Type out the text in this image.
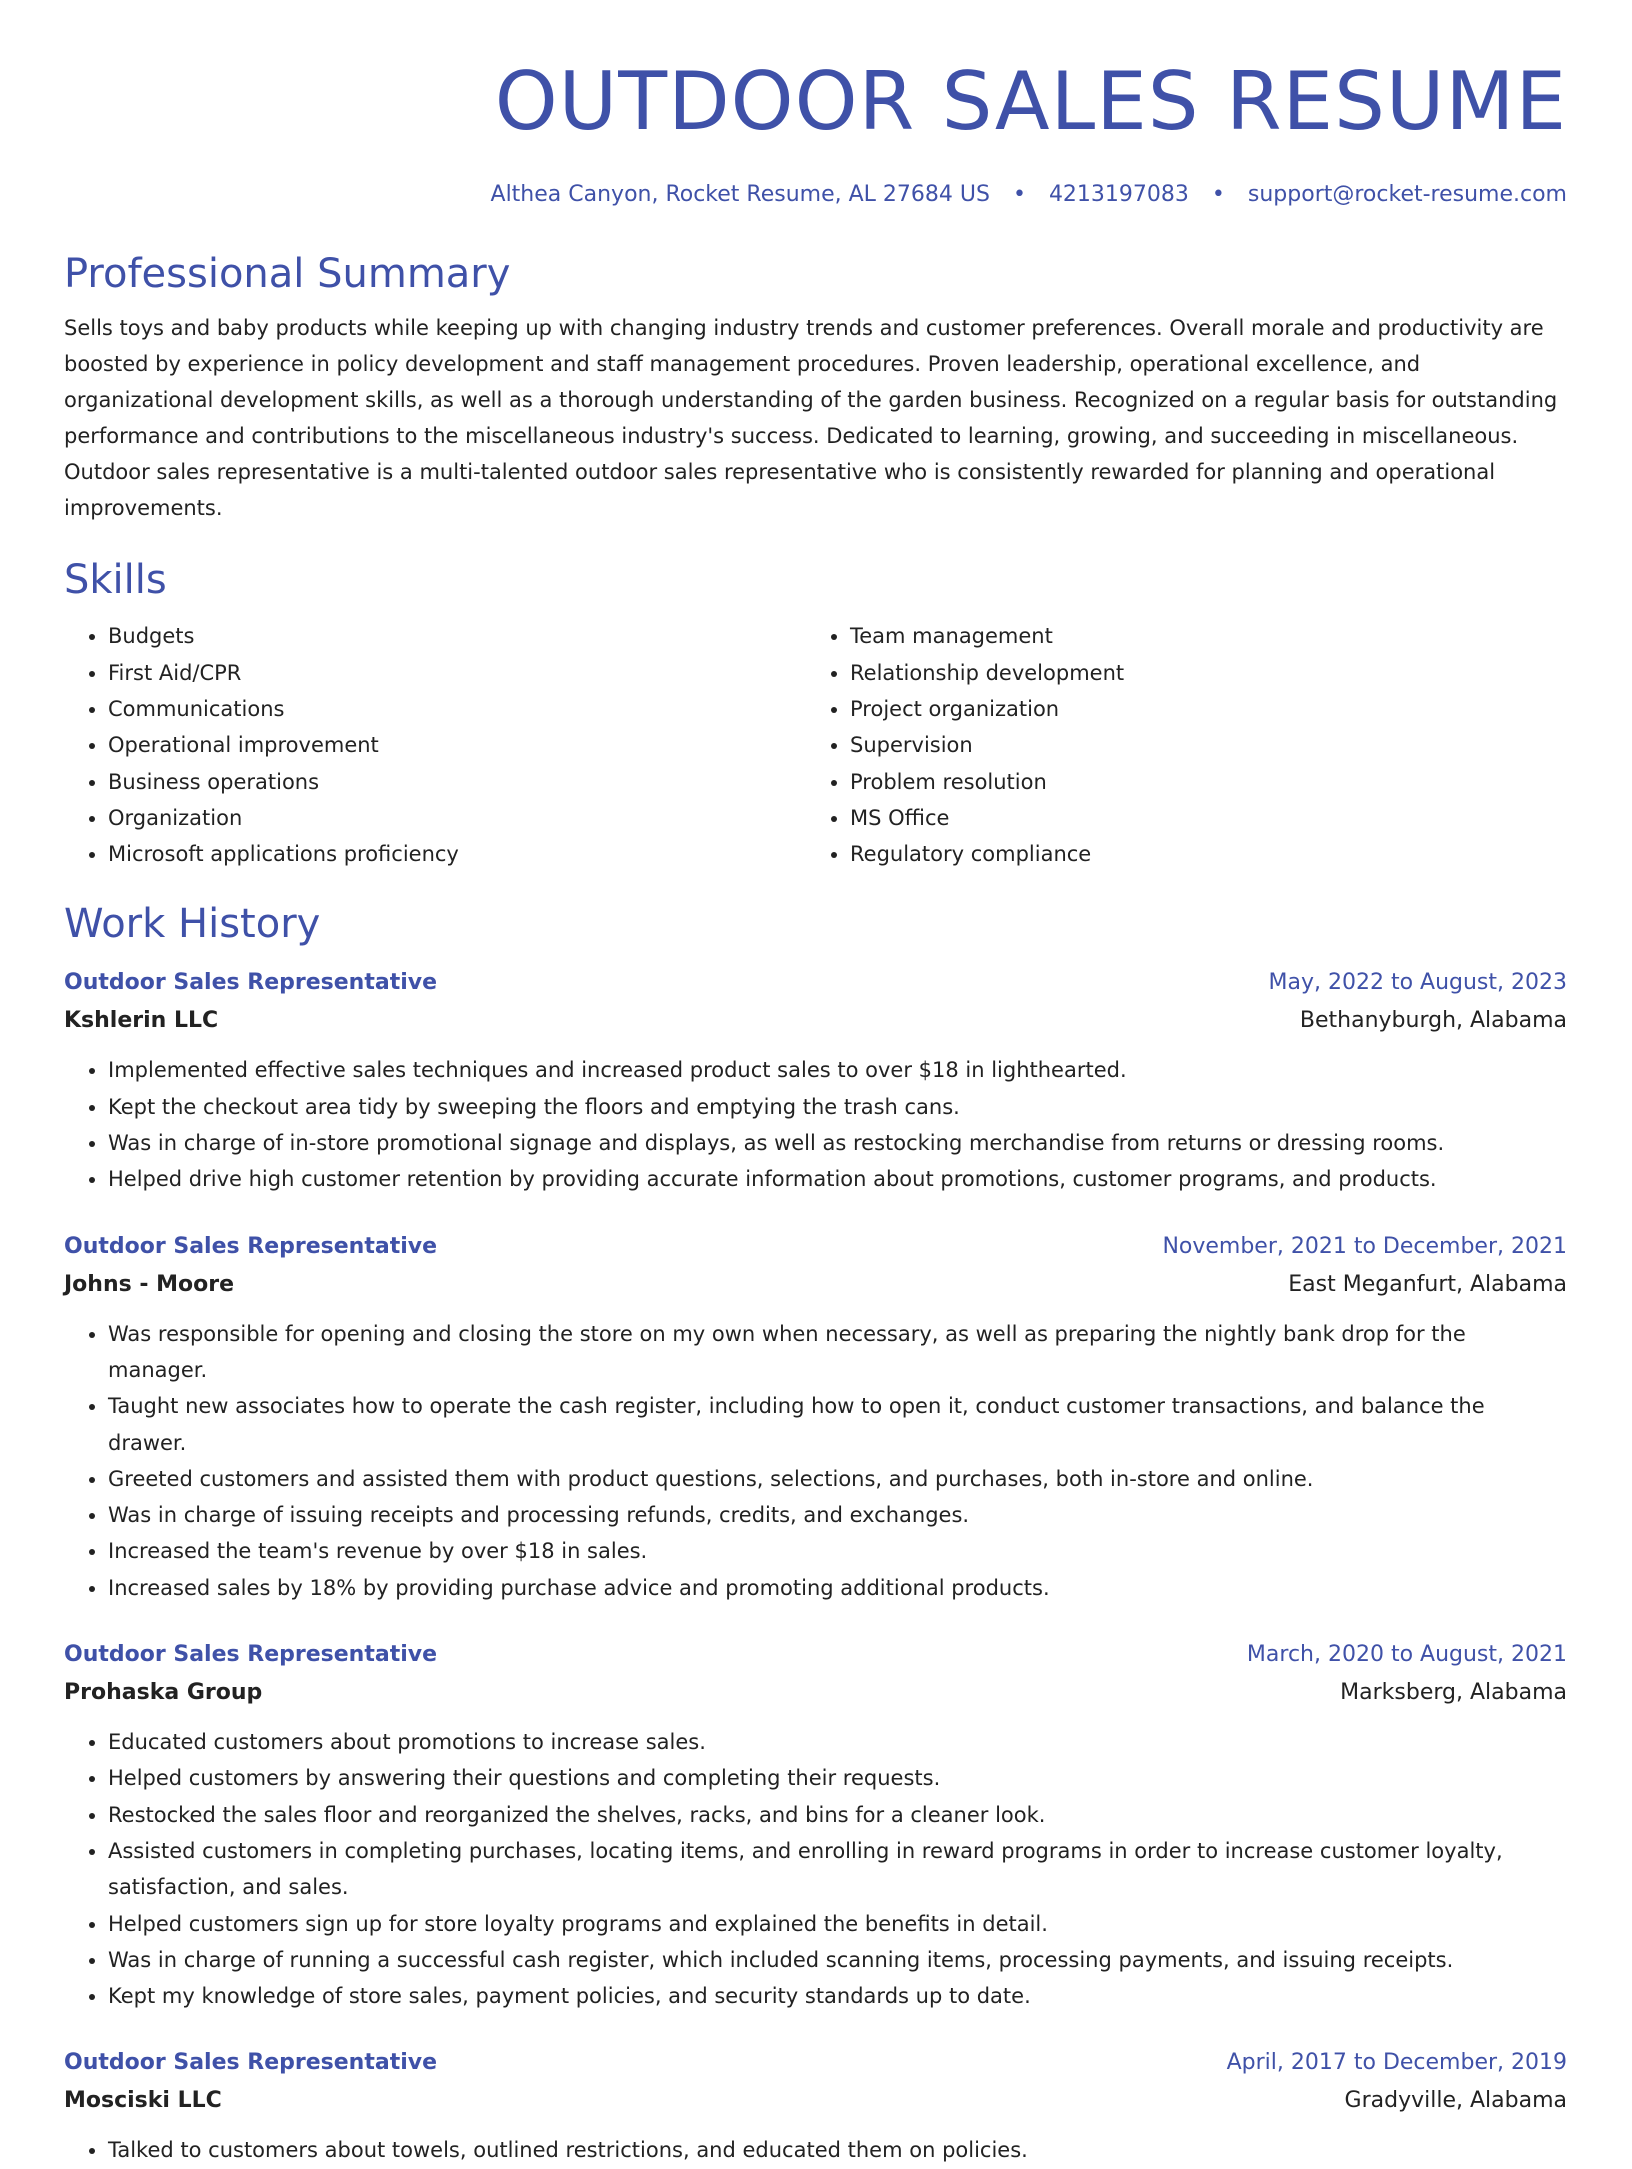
OUTDOOR SALES RESUME
Althea Canyon, Rocket Resume, AL 27684 US • 4213197083 • support@rocket-resume.com
Professional Summary
Sells toys and baby products while keeping up with changing industry trends and customer preferences. Overall morale and productivity are boosted by experience in policy development and staff management procedures. Proven leadership, operational excellence, and organizational development skills, as well as a thorough understanding of the garden business. Recognized on a regular basis for outstanding performance and contributions to the miscellaneous industry's success. Dedicated to learning, growing, and succeeding in miscellaneous. Outdoor sales representative is a multi-talented outdoor sales representative who is consistently rewarded for planning and operational improvements.
Skills
• Budgets
• First Aid/CPR
• Communications
• Operational improvement
• Business operations
• Organization
• Microsoft applications proficiency
• Team management
• Relationship development
• Project organization
• Supervision
• Problem resolution
• MS Office
• Regulatory compliance
Work History
Outdoor Sales Representative	May, 2022 to August, 2023
Kshlerin LLC	Bethanyburgh, Alabama
• Implemented effective sales techniques and increased product sales to over $18 in lighthearted.
• Kept the checkout area tidy by sweeping the floors and emptying the trash cans.
• Was in charge of in-store promotional signage and displays, as well as restocking merchandise from returns or dressing rooms.
• Helped drive high customer retention by providing accurate information about promotions, customer programs, and products.
Outdoor Sales Representative	November, 2021 to December, 2021
Johns - Moore	East Meganfurt, Alabama
• Was responsible for opening and closing the store on my own when necessary, as well as preparing the nightly bank drop for the manager.
• Taught new associates how to operate the cash register, including how to open it, conduct customer transactions, and balance the drawer.
• Greeted customers and assisted them with product questions, selections, and purchases, both in-store and online.
• Was in charge of issuing receipts and processing refunds, credits, and exchanges.
• Increased the team's revenue by over $18 in sales.
• Increased sales by 18% by providing purchase advice and promoting additional products.
Outdoor Sales Representative	March, 2020 to August, 2021
Prohaska Group	Marksberg, Alabama
• Educated customers about promotions to increase sales.
• Helped customers by answering their questions and completing their requests.
• Restocked the sales floor and reorganized the shelves, racks, and bins for a cleaner look.
• Assisted customers in completing purchases, locating items, and enrolling in reward programs in order to increase customer loyalty, satisfaction, and sales.
• Helped customers sign up for store loyalty programs and explained the benefits in detail.
• Was in charge of running a successful cash register, which included scanning items, processing payments, and issuing receipts.
• Kept my knowledge of store sales, payment policies, and security standards up to date.
Outdoor Sales Representative	April, 2017 to December, 2019
Mosciski LLC	Gradyville, Alabama
• Talked to customers about towels, outlined restrictions, and educated them on policies.
